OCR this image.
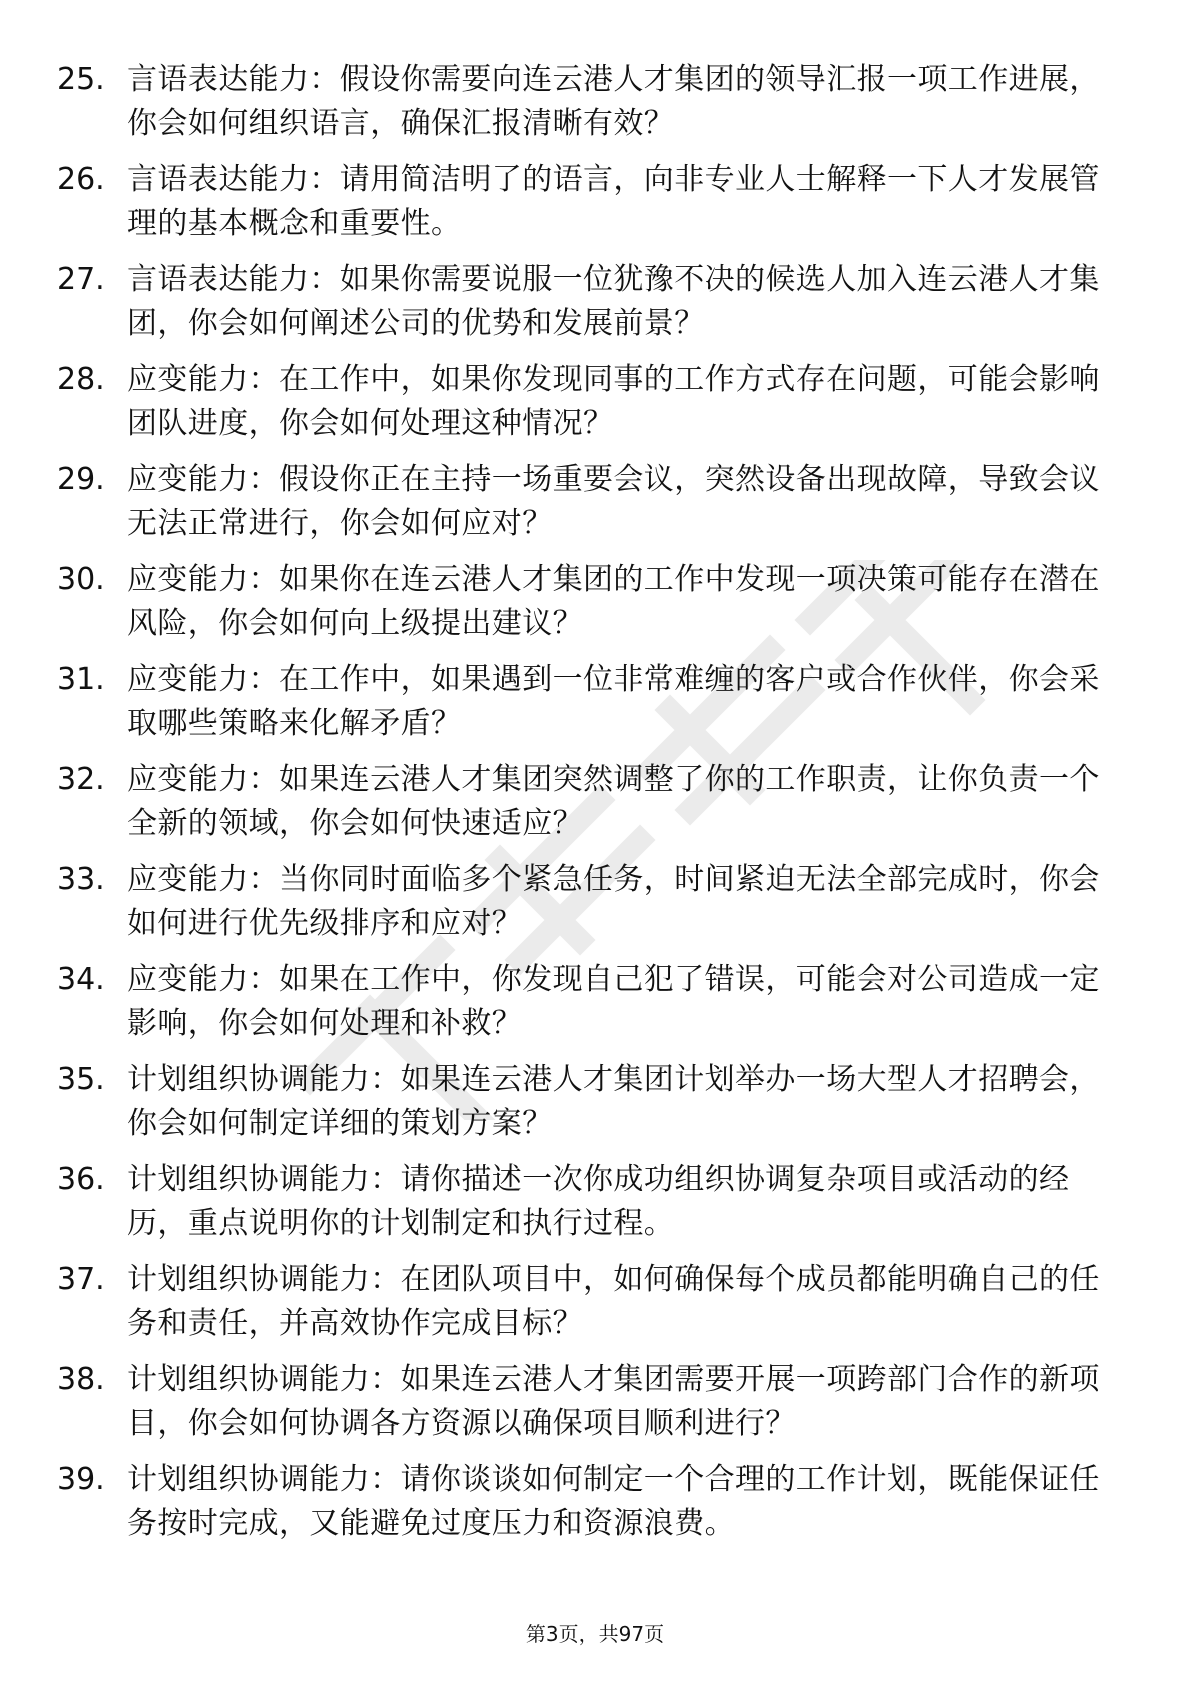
25. 言语表达能力：假设你需要向连云港人才集团的领导汇报一项工作进展，你会如何组织语言，确保汇报清晰有效？
26. 言语表达能力：请用简洁明了的语言，向非专业人士解释一下人才发展管理的基本概念和重要性。
27. 言语表达能力：如果你需要说服一位犹豫不决的候选人加入连云港人才集团，你会如何阐述公司的优势和发展前景？
28. 应变能力：在工作中，如果你发现同事的工作方式存在问题，可能会影响团队进度，你会如何处理这种情况？
29. 应变能力：假设你正在主持一场重要会议，突然设备出现故障，导致会议无法正常进行，你会如何应对？
30. 应变能力：如果你在连云港人才集团的工作中发现一项决策可能存在潜在风险，你会如何向上级提出建议？
31. 应变能力：在工作中，如果遇到一位非常难缠的客户或合作伙伴，你会采取哪些策略来化解矛盾？
32. 应变能力：如果连云港人才集团突然调整了你的工作职责，让你负责一个全新的领域，你会如何快速适应？
33. 应变能力：当你同时面临多个紧急任务，时间紧迫无法全部完成时，你会如何进行优先级排序和应对？
34. 应变能力：如果在工作中，你发现自己犯了错误，可能会对公司造成一定影响，你会如何处理和补救？
35. 计划组织协调能力：如果连云港人才集团计划举办一场大型人才招聘会，你会如何制定详细的策划方案？
36. 计划组织协调能力：请你描述一次你成功组织协调复杂项目或活动的经历，重点说明你的计划制定和执行过程。
37. 计划组织协调能力：在团队项目中，如何确保每个成员都能明确自己的任务和责任，并高效协作完成目标？
38. 计划组织协调能力：如果连云港人才集团需要开展一项跨部门合作的新项目，你会如何协调各方资源以确保项目顺利进行？
39. 计划组织协调能力：请你谈谈如何制定一个合理的工作计划，既能保证任务按时完成，又能避免过度压力和资源浪费。
第3页，共97页
